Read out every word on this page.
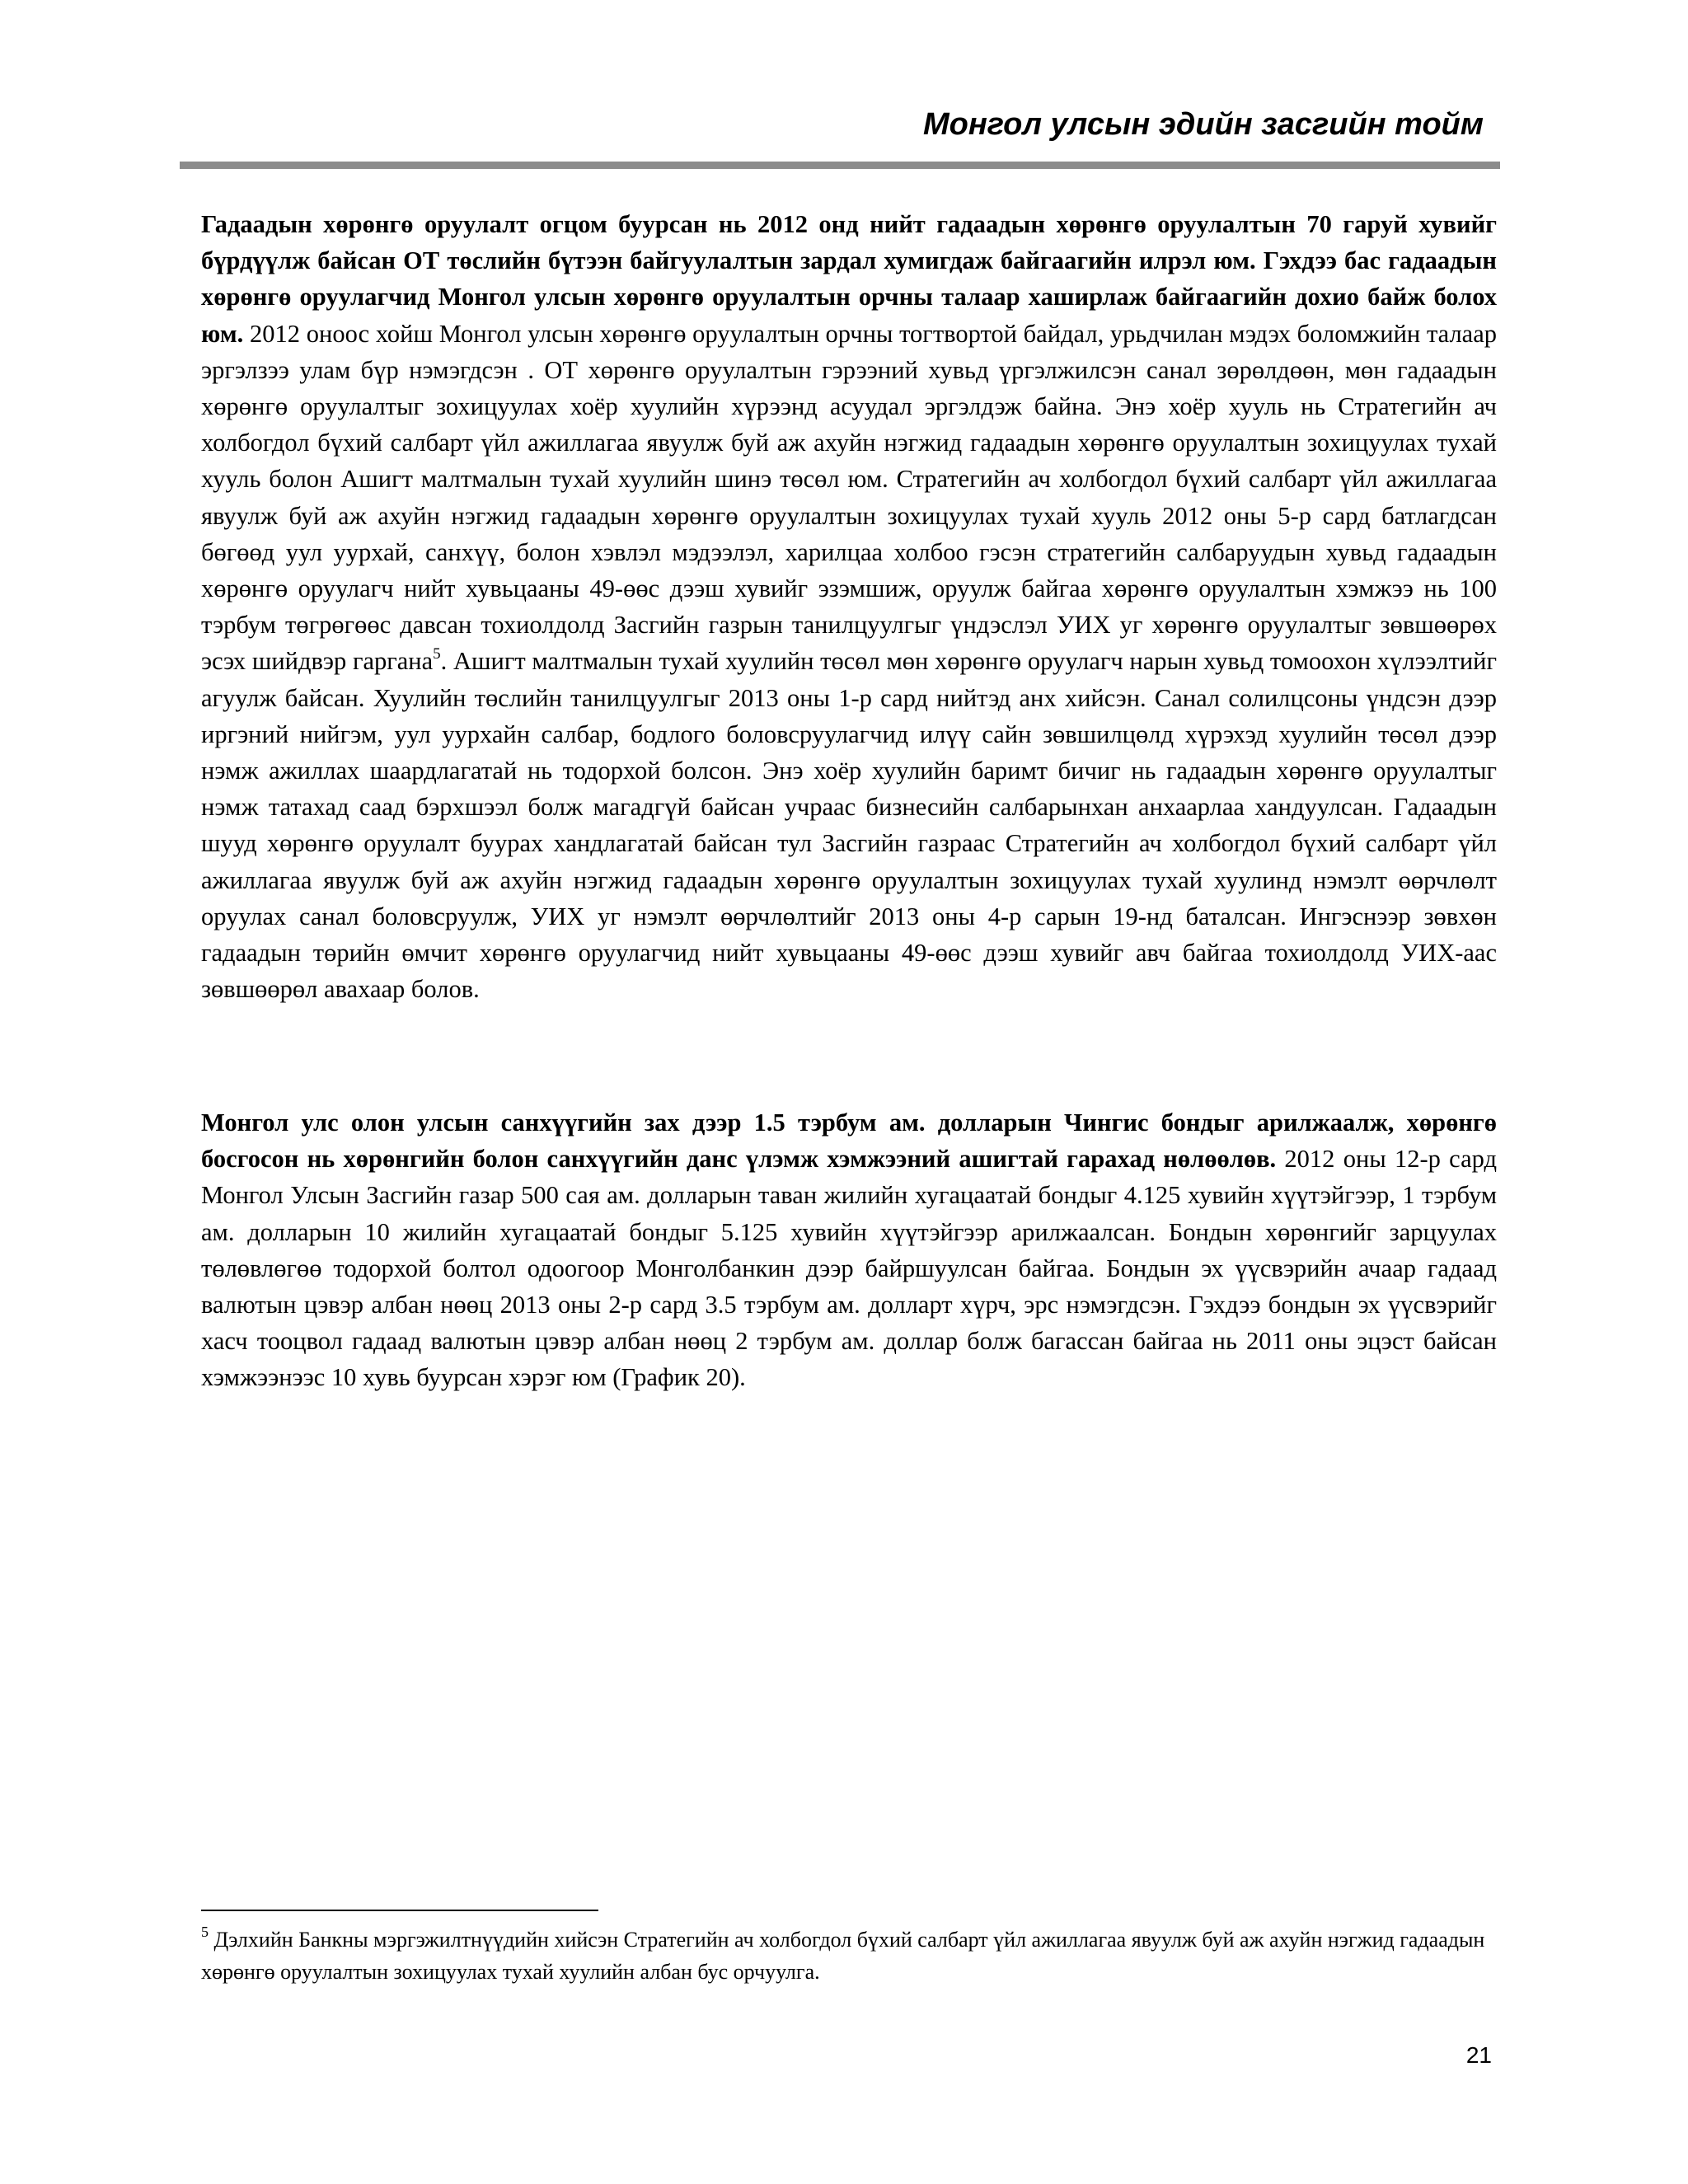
Монгол улсын эдийн засгийн тойм

Гадаадын хөрөнгө оруулалт огцом буурсан нь 2012 онд нийт гадаадын хөрөнгө оруулалтын 70 гаруй хувийг бүрдүүлж байсан ОТ төслийн бүтээн байгуулалтын зардал хумигдаж байгаагийн илрэл юм. Гэхдээ бас гадаадын хөрөнгө оруулагчид Монгол улсын хөрөнгө оруулалтын орчны талаар хаширлаж байгаагийн дохио байж болох юм. 2012 оноос хойш Монгол улсын хөрөнгө оруулалтын орчны тогтвортой байдал, урьдчилан мэдэх боломжийн талаар эргэлзээ улам бүр нэмэгдсэн . ОТ хөрөнгө оруулалтын гэрээний хувьд үргэлжилсэн санал зөрөлдөөн, мөн гадаадын хөрөнгө оруулалтыг зохицуулах хоёр хуулийн хүрээнд асуудал эргэлдэж байна. Энэ хоёр хууль нь Стратегийн ач холбогдол бүхий салбарт үйл ажиллагаа явуулж буй аж ахуйн нэгжид гадаадын хөрөнгө оруулалтын зохицуулах тухай хууль болон Ашигт малтмалын тухай хуулийн шинэ төсөл юм. Стратегийн ач холбогдол бүхий салбарт үйл ажиллагаа явуулж буй аж ахуйн нэгжид гадаадын хөрөнгө оруулалтын зохицуулах тухай хууль 2012 оны 5-р сард батлагдсан бөгөөд уул уурхай, санхүү, болон хэвлэл мэдээлэл, харилцаа холбоо гэсэн стратегийн салбаруудын хувьд гадаадын хөрөнгө оруулагч нийт хувьцааны 49-өөс дээш хувийг эзэмшиж, оруулж байгаа хөрөнгө оруулалтын хэмжээ нь 100 тэрбум төгрөгөөс давсан тохиолдолд Засгийн газрын танилцуулгыг үндэслэл УИХ уг хөрөнгө оруулалтыг зөвшөөрөх эсэх шийдвэр гаргана$^5$. Ашигт малтмалын тухай хуулийн төсөл мөн хөрөнгө оруулагч нарын хувьд томоохон хүлээлтийг агуулж байсан. Хуулийн төслийн танилцуулгыг 2013 оны 1-р сард нийтэд анх хийсэн. Санал солилцсоны үндсэн дээр иргэний нийгэм, уул уурхайн салбар, бодлого боловсруулагчид илүү сайн зөвшилцөлд хүрэхэд хуулийн төсөл дээр нэмж ажиллах шаардлагатай нь тодорхой болсон. Энэ хоёр хуулийн баримт бичиг нь гадаадын хөрөнгө оруулалтыг нэмж татахад саад бэрхшээл болж магадгүй байсан учраас бизнесийн салбарынхан анхаарлаа хандуулсан. Гадаадын шууд хөрөнгө оруулалт буурах хандлагатай байсан тул Засгийн газраас Стратегийн ач холбогдол бүхий салбарт үйл ажиллагаа явуулж буй аж ахуйн нэгжид гадаадын хөрөнгө оруулалтын зохицуулах тухай хуулинд нэмэлт өөрчлөлт оруулах санал боловсруулж, УИХ уг нэмэлт өөрчлөлтийг 2013 оны 4-р сарын 19-нд баталсан. Ингэснээр зөвхөн гадаадын төрийн өмчит хөрөнгө оруулагчид нийт хувьцааны 49-өөс дээш хувийг авч байгаа тохиолдолд УИХ-аас зөвшөөрөл авахаар болов.

Монгол улс олон улсын санхүүгийн зах дээр 1.5 тэрбум ам. долларын Чингис бондыг арилжаалж, хөрөнгө босгосон нь хөрөнгийн болон санхүүгийн данс үлэмж хэмжээний ашигтай гарахад нөлөөлөв. 2012 оны 12-р сард Монгол Улсын Засгийн газар 500 сая ам. долларын таван жилийн хугацаатай бондыг 4.125 хувийн хүүтэйгээр, 1 тэрбум ам. долларын 10 жилийн хугацаатай бондыг 5.125 хувийн хүүтэйгээр арилжаалсан. Бондын хөрөнгийг зарцуулах төлөвлөгөө тодорхой болтол одоогоор Монголбанкин дээр байршуулсан байгаа. Бондын эх үүсвэрийн ачаар гадаад валютын цэвэр албан нөөц 2013 оны 2-р сард 3.5 тэрбум ам. долларт хүрч, эрс нэмэгдсэн. Гэхдээ бондын эх үүсвэрийг хасч тооцвол гадаад валютын цэвэр албан нөөц 2 тэрбум ам. доллар болж багассан байгаа нь 2011 оны эцэст байсан хэмжээнээс 10 хувь буурсан хэрэг юм (График 20).

$^5$ Дэлхийн Банкны мэргэжилтнүүдийн хийсэн Стратегийн ач холбогдол бүхий салбарт үйл ажиллагаа явуулж буй аж ахуйн нэгжид гадаадын хөрөнгө оруулалтын зохицуулах тухай хуулийн албан бус орчуулга.

21
